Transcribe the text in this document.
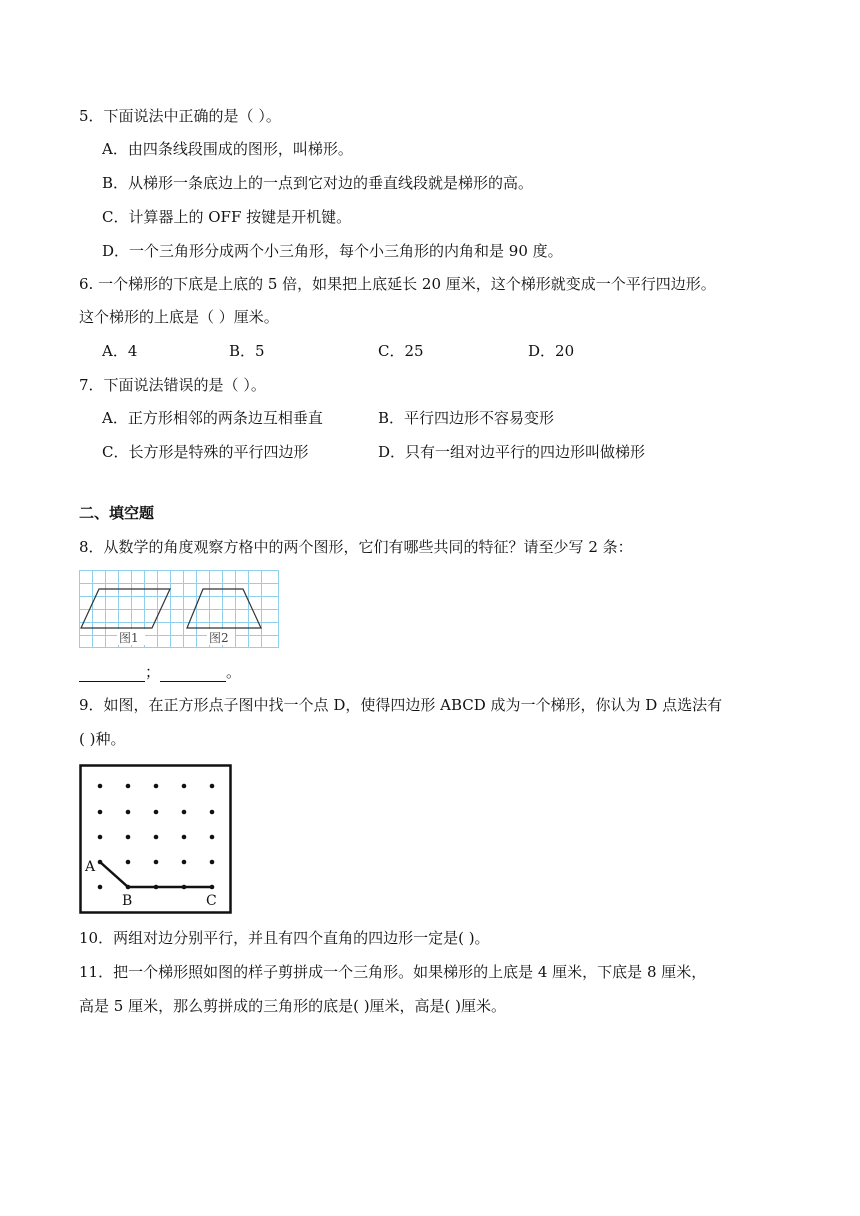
5．下面说法中正确的是（ ）。
A．由四条线段围成的图形，叫梯形。
B．从梯形一条底边上的一点到它对边的垂直线段就是梯形的高。
C．计算器上的 OFF 按键是开机键。
D．一个三角形分成两个小三角形，每个小三角形的内角和是 90 度。
6. 一个梯形的下底是上底的 5 倍，如果把上底延长 20 厘米，这个梯形就变成一个平行四边形。
这个梯形的上底是（ ）厘米。
A．4	B．5	C．25	D．20
7．下面说法错误的是（ ）。
A．正方形相邻的两条边互相垂直	B．平行四边形不容易变形
C．长方形是特殊的平行四边形	D．只有一组对边平行的四边形叫做梯形
二、填空题
8．从数学的角度观察方格中的两个图形，它们有哪些共同的特征？请至少写 2 条：
图1	图2
；	。
9．如图，在正方形点子图中找一个点 D，使得四边形 ABCD 成为一个梯形，你认为 D 点选法有
( )种。
A
B	C
10．两组对边分别平行，并且有四个直角的四边形一定是( )。
11．把一个梯形照如图的样子剪拼成一个三角形。如果梯形的上底是 4 厘米，下底是 8 厘米，
高是 5 厘米，那么剪拼成的三角形的底是( )厘米，高是( )厘米。
